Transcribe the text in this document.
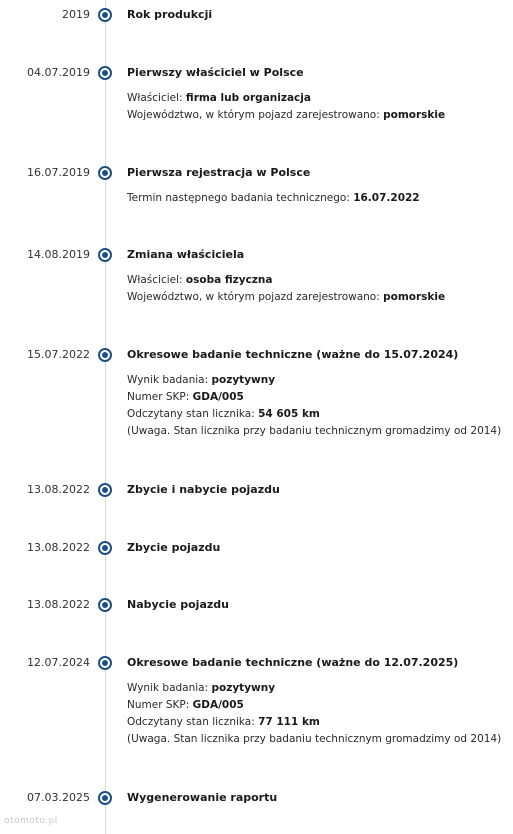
2019	Rok produkcji
04.07.2019	Pierwszy właściciel w Polsce
Właściciel: firma lub organizacja
Województwo, w którym pojazd zarejestrowano: pomorskie
16.07.2019	Pierwsza rejestracja w Polsce
Termin następnego badania technicznego: 16.07.2022
14.08.2019	Zmiana właściciela
Właściciel: osoba fizyczna
Województwo, w którym pojazd zarejestrowano: pomorskie
15.07.2022	Okresowe badanie techniczne (ważne do 15.07.2024)
Wynik badania: pozytywny
Numer SKP: GDA/005
Odczytany stan licznika: 54 605 km
(Uwaga. Stan licznika przy badaniu technicznym gromadzimy od 2014)
13.08.2022	Zbycie i nabycie pojazdu
13.08.2022	Zbycie pojazdu
13.08.2022	Nabycie pojazdu
12.07.2024	Okresowe badanie techniczne (ważne do 12.07.2025)
Wynik badania: pozytywny
Numer SKP: GDA/005
Odczytany stan licznika: 77 111 km
(Uwaga. Stan licznika przy badaniu technicznym gromadzimy od 2014)
07.03.2025	Wygenerowanie raportu
otomoto.pl
